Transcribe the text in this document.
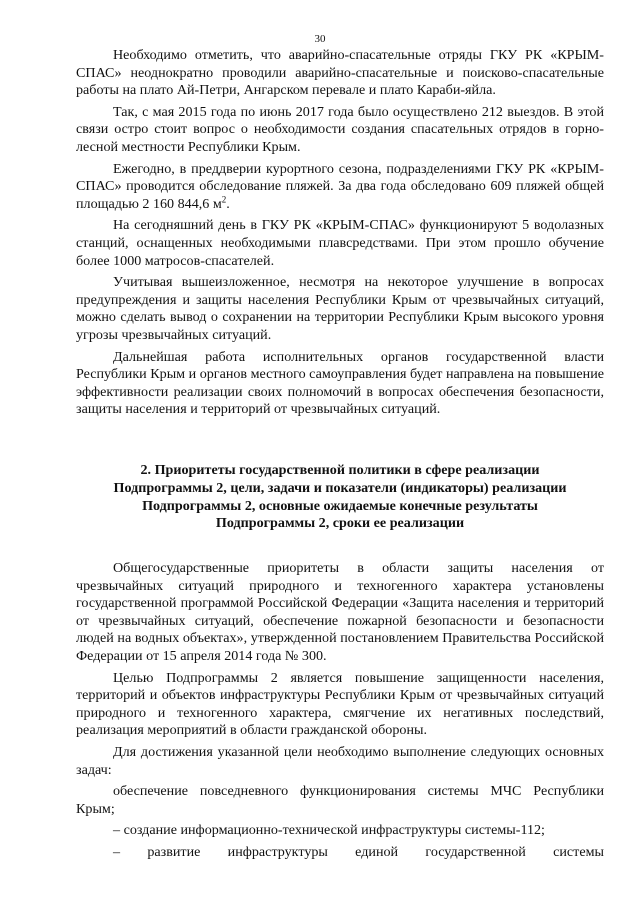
30

Необходимо отметить, что аварийно-спасательные отряды ГКУ РК «КРЫМ-СПАС» неоднократно проводили аварийно-спасательные и поисково-спасательные работы на плато Ай-Петри, Ангарском перевале и плато Караби-яйла.

Так, с мая 2015 года по июнь 2017 года было осуществлено 212 выездов. В этой связи остро стоит вопрос о необходимости создания спасательных отрядов в горно-лесной местности Республики Крым.

Ежегодно, в преддверии курортного сезона, подразделениями ГКУ РК «КРЫМ-СПАС» проводится обследование пляжей. За два года обследовано 609 пляжей общей площадью 2 160 844,6 $м^2$.

На сегодняшний день в ГКУ РК «КРЫМ-СПАС» функционируют 5 водолазных станций, оснащенных необходимыми плавсредствами. При этом прошло обучение более 1000 матросов-спасателей.

Учитывая вышеизложенное, несмотря на некоторое улучшение в вопросах предупреждения и защиты населения Республики Крым от чрезвычайных ситуаций, можно сделать вывод о сохранении на территории Республики Крым высокого уровня угрозы чрезвычайных ситуаций.

Дальнейшая работа исполнительных органов государственной власти Республики Крым и органов местного самоуправления будет направлена на повышение эффективности реализации своих полномочий в вопросах обеспечения безопасности, защиты населения и территорий от чрезвычайных ситуаций.

2. Приоритеты государственной политики в сфере реализации
Подпрограммы 2, цели, задачи и показатели (индикаторы) реализации
Подпрограммы 2, основные ожидаемые конечные результаты
Подпрограммы 2, сроки ее реализации

Общегосударственные приоритеты в области защиты населения от чрезвычайных ситуаций природного и техногенного характера установлены государственной программой Российской Федерации «Защита населения и территорий от чрезвычайных ситуаций, обеспечение пожарной безопасности и безопасности людей на водных объектах», утвержденной постановлением Правительства Российской Федерации от 15 апреля 2014 года № 300.

Целью Подпрограммы 2 является повышение защищенности населения, территорий и объектов инфраструктуры Республики Крым от чрезвычайных ситуаций природного и техногенного характера, смягчение их негативных последствий, реализация мероприятий в области гражданской обороны.

Для достижения указанной цели необходимо выполнение следующих основных задач:

обеспечение повседневного функционирования системы МЧС Республики Крым;

– создание информационно-технической инфраструктуры системы-112;

– развитие инфраструктуры единой государственной системы
